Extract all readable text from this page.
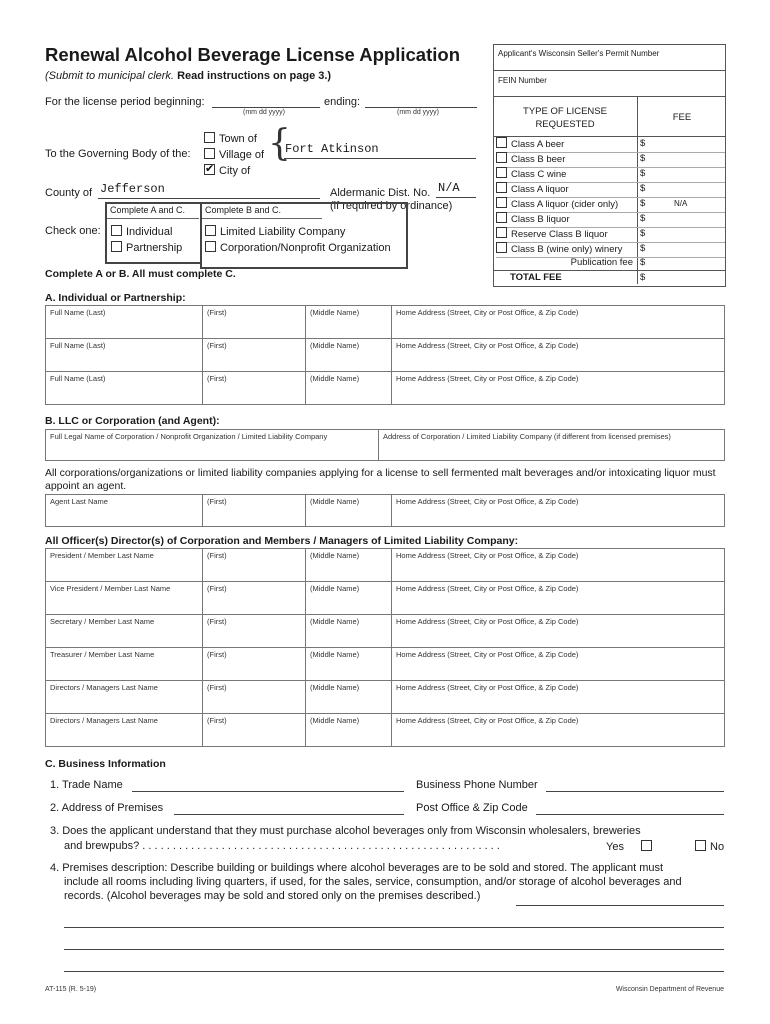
Renewal Alcohol Beverage License Application
(Submit to municipal clerk. Read instructions on page 3.)
For the license period beginning:
(mm dd yyyy)
ending:
(mm dd yyyy)
To the Governing Body of the:
Town of
Village of
✔City of
{
Fort Atkinson
County of Jefferson	Aldermanic Dist. No. N/A
(if required by ordinance)
Check one:
Complete A and C.
Individual
Partnership
Complete B and C.
Limited Liability Company
Corporation/Nonprofit Organization
Complete A or B. All must complete C.
Applicant's Wisconsin Seller's Permit Number
FEIN Number
TYPE OF LICENSE REQUESTED
FEE
Class A beer	$
Class B beer	$
Class C wine	$
Class A liquor	$
Class A liquor (cider only) $	N/A
Class B liquor	$
Reserve Class B liquor	$
Class B (wine only) winery $
Publication fee $
TOTAL FEE	$
A. Individual or Partnership:
Full Name (Last)	(First)	(Middle Name)	Home Address (Street, City or Post Office, & Zip Code)
Full Name (Last)	(First)	(Middle Name)	Home Address (Street, City or Post Office, & Zip Code)
Full Name (Last)	(First)	(Middle Name)	Home Address (Street, City or Post Office, & Zip Code)
B. LLC or Corporation (and Agent):
Full Legal Name of Corporation / Nonprofit Organization / Limited Liability Company	Address of Corporation / Limited Liability Company (if different from licensed premises)
All corporations/organizations or limited liability companies applying for a license to sell fermented malt beverages and/or intoxicating liquor must appoint an agent.
Agent Last Name	(First)	(Middle Name)	Home Address (Street, City or Post Office, & Zip Code)
All Officer(s) Director(s) of Corporation and Members / Managers of Limited Liability Company:
President / Member Last Name	(First)	(Middle Name)	Home Address (Street, City or Post Office, & Zip Code)
Vice President / Member Last Name	(First)	(Middle Name)	Home Address (Street, City or Post Office, & Zip Code)
Secretary / Member Last Name	(First)	(Middle Name)	Home Address (Street, City or Post Office, & Zip Code)
Treasurer / Member Last Name	(First)	(Middle Name)	Home Address (Street, City or Post Office, & Zip Code)
Directors / Managers Last Name	(First)	(Middle Name)	Home Address (Street, City or Post Office, & Zip Code)
Directors / Managers Last Name	(First)	(Middle Name)	Home Address (Street, City or Post Office, & Zip Code)
C. Business Information
1. Trade Name	Business Phone Number
2. Address of Premises	Post Office & Zip Code
3. Does the applicant understand that they must purchase alcohol beverages only from Wisconsin wholesalers, breweries
and brewpubs? . . . . . . . . . . . . . . . . . . . . . . . . . . . . . . . . . . . . . . . . . . . . . . . . . . . . . . . . . . .	Yes	No
4. Premises description: Describe building or buildings where alcohol beverages are to be sold and stored. The applicant must
include all rooms including living quarters, if used, for the sales, service, consumption, and/or storage of alcohol beverages and
records. (Alcohol beverages may be sold and stored only on the premises described.)
AT-115 (R. 5-19)	Wisconsin Department of Revenue
